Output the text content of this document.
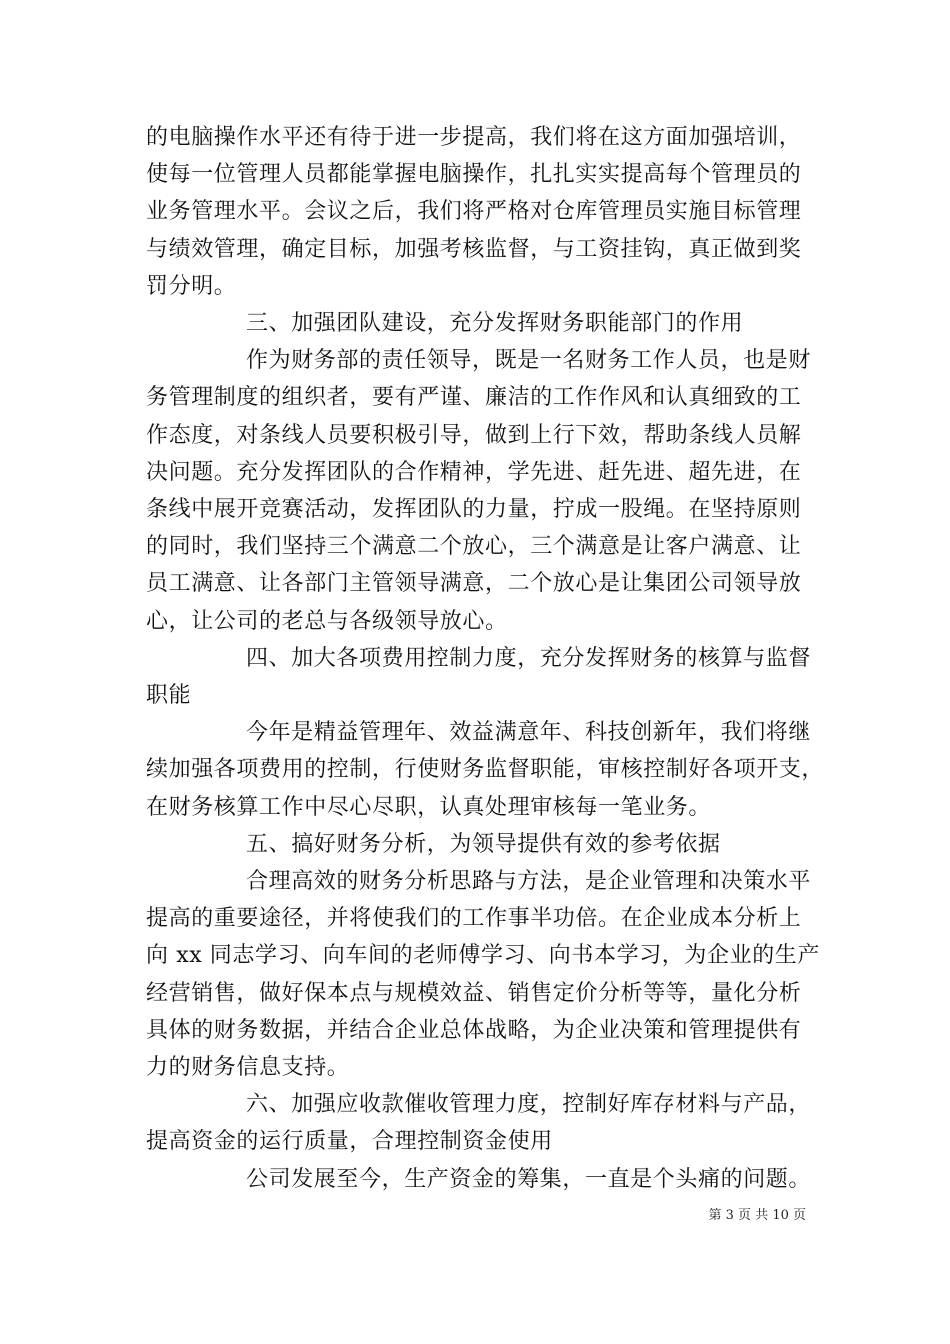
的电脑操作水平还有待于进一步提高，我们将在这方面加强培训，
使每一位管理人员都能掌握电脑操作，扎扎实实提高每个管理员的
业务管理水平。会议之后，我们将严格对仓库管理员实施目标管理
与绩效管理，确定目标，加强考核监督，与工资挂钩，真正做到奖
罚分明。

三、加强团队建设，充分发挥财务职能部门的作用

作为财务部的责任领导，既是一名财务工作人员，也是财
务管理制度的组织者，要有严谨、廉洁的工作作风和认真细致的工
作态度，对条线人员要积极引导，做到上行下效，帮助条线人员解
决问题。充分发挥团队的合作精神，学先进、赶先进、超先进，在
条线中展开竞赛活动，发挥团队的力量，拧成一股绳。在坚持原则
的同时，我们坚持三个满意二个放心，三个满意是让客户满意、让
员工满意、让各部门主管领导满意，二个放心是让集团公司领导放
心，让公司的老总与各级领导放心。

四、加大各项费用控制力度，充分发挥财务的核算与监督
职能

今年是精益管理年、效益满意年、科技创新年，我们将继
续加强各项费用的控制，行使财务监督职能，审核控制好各项开支，
在财务核算工作中尽心尽职，认真处理审核每一笔业务。

五、搞好财务分析，为领导提供有效的参考依据

合理高效的财务分析思路与方法，是企业管理和决策水平
提高的重要途径，并将使我们的工作事半功倍。在企业成本分析上
向 xx 同志学习、向车间的老师傅学习、向书本学习，为企业的生产
经营销售，做好保本点与规模效益、销售定价分析等等，量化分析
具体的财务数据，并结合企业总体战略，为企业决策和管理提供有
力的财务信息支持。

六、加强应收款催收管理力度，控制好库存材料与产品，
提高资金的运行质量，合理控制资金使用

公司发展至今，生产资金的筹集，一直是个头痛的问题。

第 3 页 共 10 页
